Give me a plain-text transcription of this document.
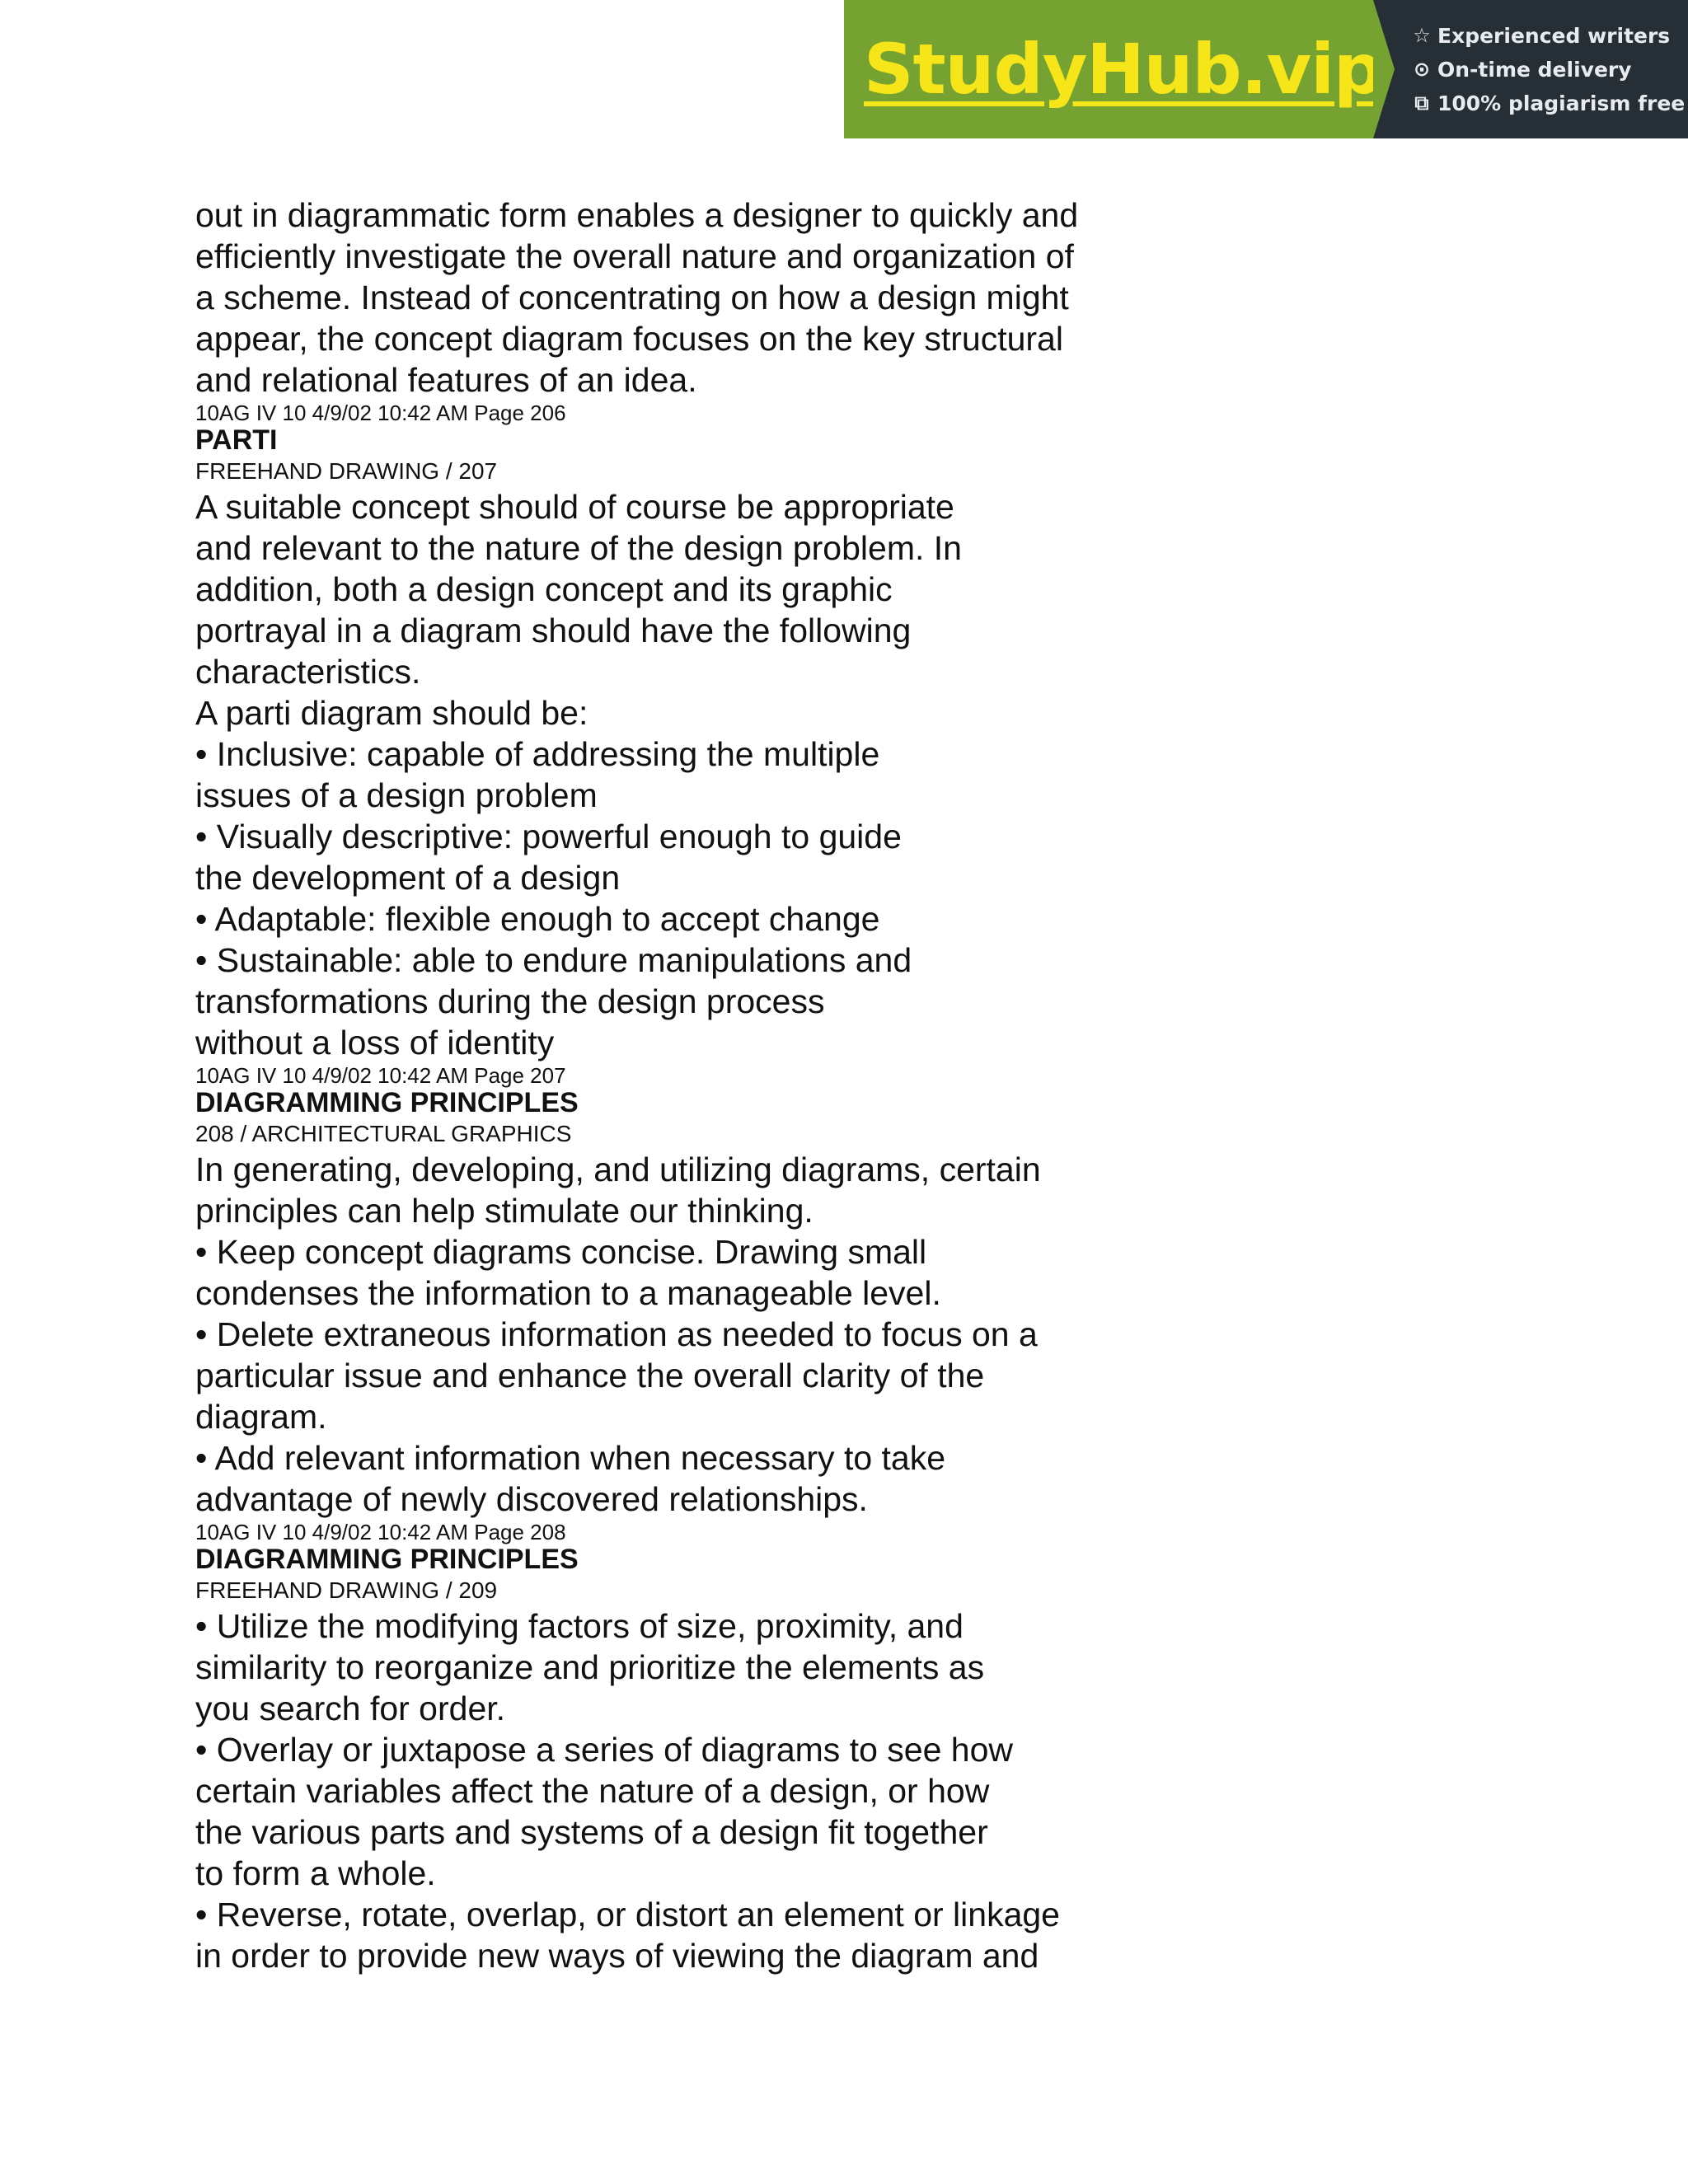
StudyHub.vip ☆ Experienced writers
⊙ On-time delivery
⧉ 100% plagiarism free
out in diagrammatic form enables a designer to quickly and
efficiently investigate the overall nature and organization of
a scheme. Instead of concentrating on how a design might
appear, the concept diagram focuses on the key structural
and relational features of an idea.
10AG IV 10 4/9/02 10:42 AM Page 206
PARTI
FREEHAND DRAWING / 207
A suitable concept should of course be appropriate
and relevant to the nature of the design problem. In
addition, both a design concept and its graphic
portrayal in a diagram should have the following
characteristics.
A parti diagram should be:
• Inclusive: capable of addressing the multiple
issues of a design problem
• Visually descriptive: powerful enough to guide
the development of a design
• Adaptable: flexible enough to accept change
• Sustainable: able to endure manipulations and
transformations during the design process
without a loss of identity
10AG IV 10 4/9/02 10:42 AM Page 207
DIAGRAMMING PRINCIPLES
208 / ARCHITECTURAL GRAPHICS
In generating, developing, and utilizing diagrams, certain
principles can help stimulate our thinking.
• Keep concept diagrams concise. Drawing small
condenses the information to a manageable level.
• Delete extraneous information as needed to focus on a
particular issue and enhance the overall clarity of the
diagram.
• Add relevant information when necessary to take
advantage of newly discovered relationships.
10AG IV 10 4/9/02 10:42 AM Page 208
DIAGRAMMING PRINCIPLES
FREEHAND DRAWING / 209
• Utilize the modifying factors of size, proximity, and
similarity to reorganize and prioritize the elements as
you search for order.
• Overlay or juxtapose a series of diagrams to see how
certain variables affect the nature of a design, or how
the various parts and systems of a design fit together
to form a whole.
• Reverse, rotate, overlap, or distort an element or linkage
in order to provide new ways of viewing the diagram and
